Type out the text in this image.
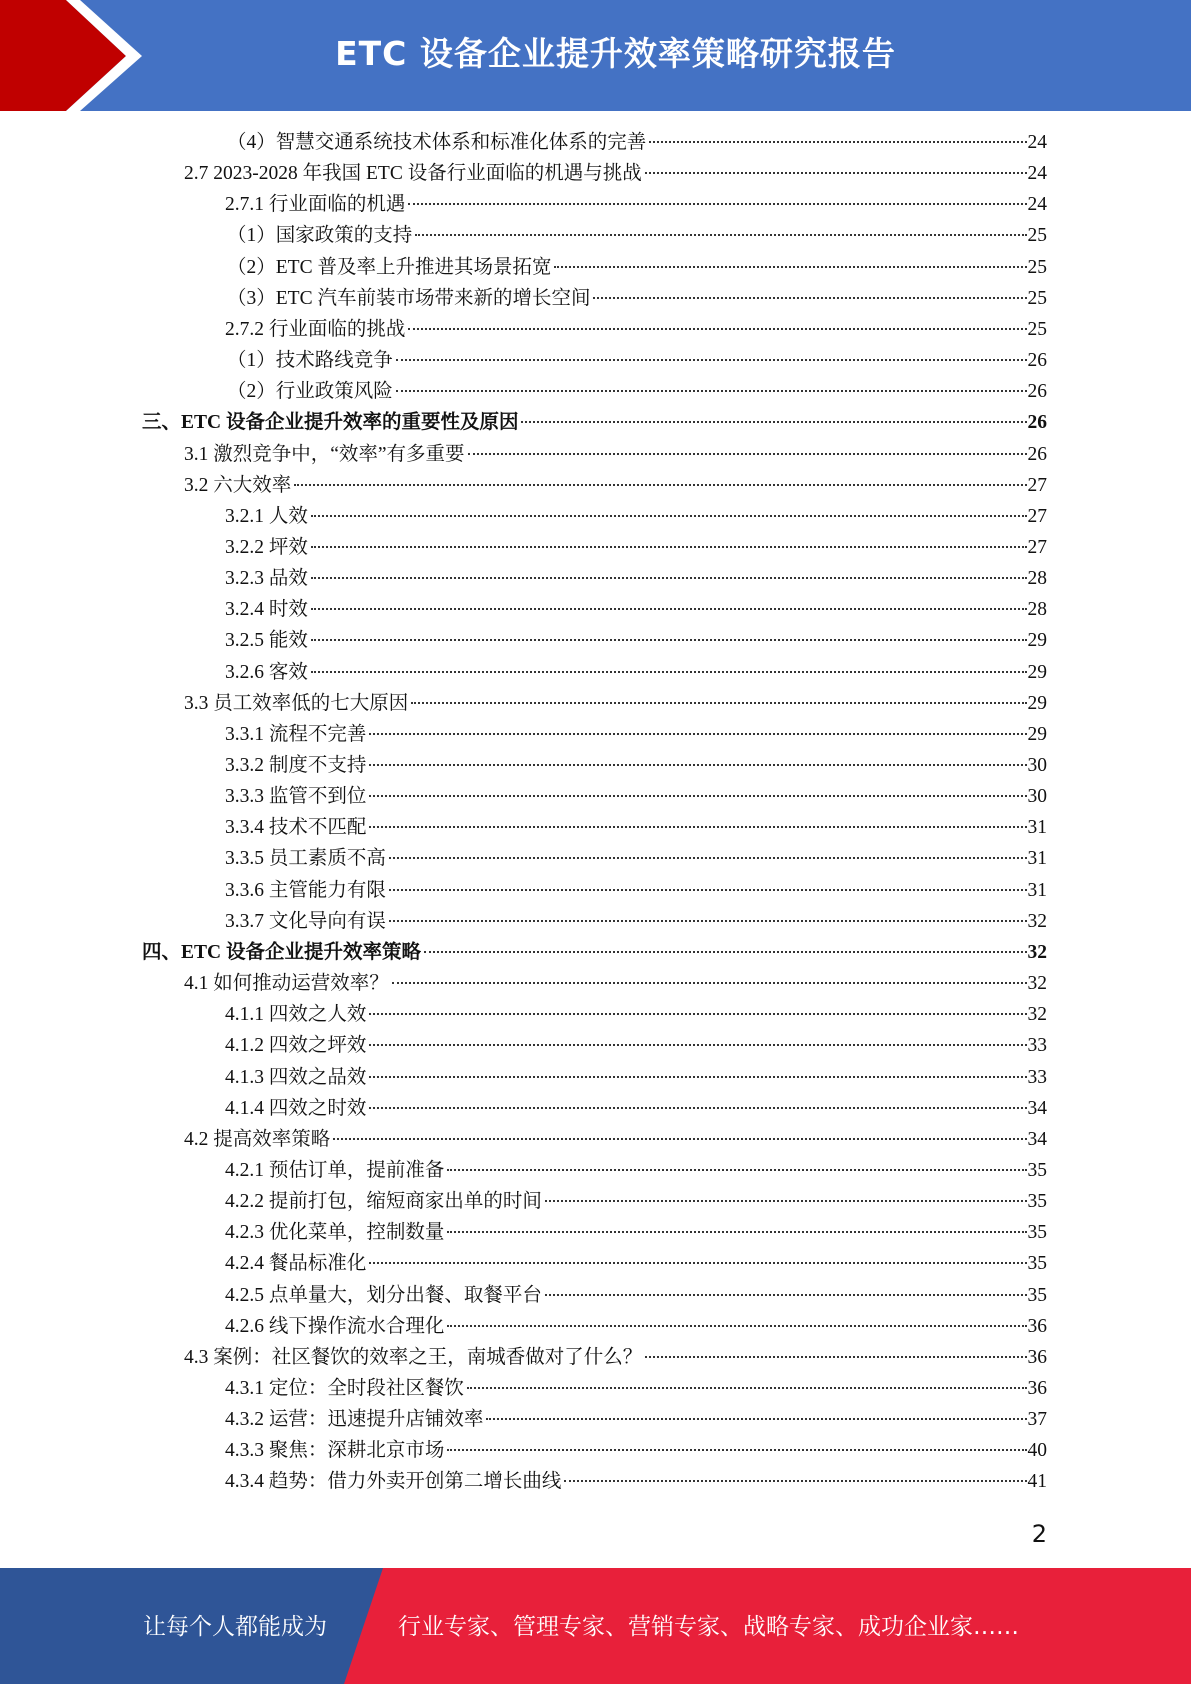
ETC 设备企业提升效率策略研究报告
（4）智慧交通系统技术体系和标准化体系的完善	24
2.7 2023-2028 年我国 ETC 设备行业面临的机遇与挑战	24
2.7.1 行业面临的机遇	24
（1）国家政策的支持	25
（2）ETC 普及率上升推进其场景拓宽	25
（3）ETC 汽车前装市场带来新的增长空间	25
2.7.2 行业面临的挑战	25
（1）技术路线竞争	26
（2）行业政策风险	26
三、ETC 设备企业提升效率的重要性及原因	26
3.1 激烈竞争中，“效率”有多重要	26
3.2 六大效率	27
3.2.1 人效	27
3.2.2 坪效	27
3.2.3 品效	28
3.2.4 时效	28
3.2.5 能效	29
3.2.6 客效	29
3.3 员工效率低的七大原因	29
3.3.1 流程不完善	29
3.3.2 制度不支持	30
3.3.3 监管不到位	30
3.3.4 技术不匹配	31
3.3.5 员工素质不高	31
3.3.6 主管能力有限	31
3.3.7 文化导向有误	32
四、ETC 设备企业提升效率策略	32
4.1 如何推动运营效率？	32
4.1.1 四效之人效	32
4.1.2 四效之坪效	33
4.1.3 四效之品效	33
4.1.4 四效之时效	34
4.2 提高效率策略	34
4.2.1 预估订单，提前准备	35
4.2.2 提前打包，缩短商家出单的时间	35
4.2.3 优化菜单，控制数量	35
4.2.4 餐品标准化	35
4.2.5 点单量大，划分出餐、取餐平台	35
4.2.6 线下操作流水合理化	36
4.3 案例：社区餐饮的效率之王，南城香做对了什么？	36
4.3.1 定位：全时段社区餐饮	36
4.3.2 运营：迅速提升店铺效率	37
4.3.3 聚焦：深耕北京市场	40
4.3.4 趋势：借力外卖开创第二增长曲线	41
2
让每个人都能成为	行业专家、管理专家、营销专家、战略专家、成功企业家……
